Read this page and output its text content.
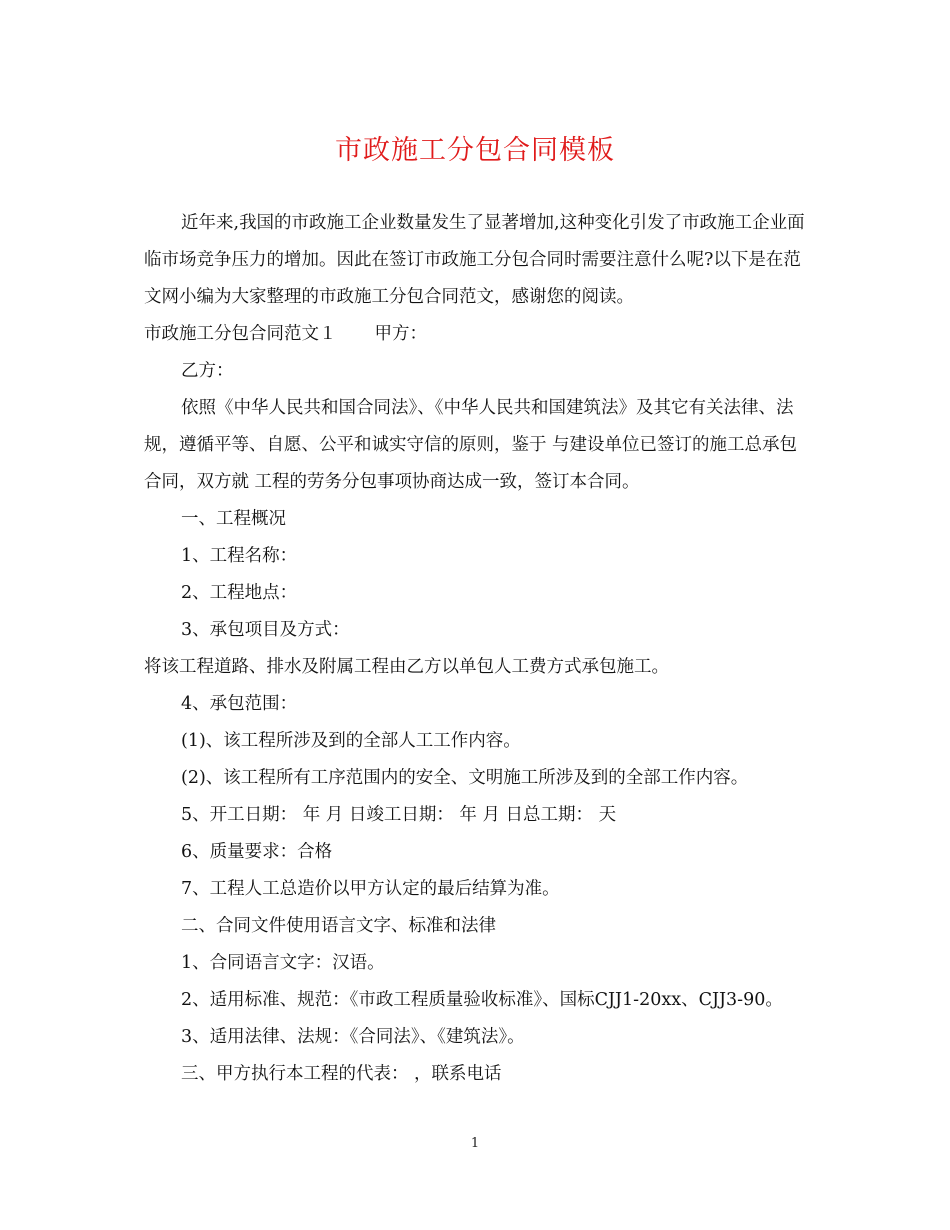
市政施工分包合同模板

近年来,我国的市政施工企业数量发生了显著增加,这种变化引发了市政施工企业面临市场竞争压力的增加。因此在签订市政施工分包合同时需要注意什么呢?以下是在范文网小编为大家整理的市政施工分包合同范文，感谢您的阅读。

市政施工分包合同范文１ 甲方：

乙方：

依照《中华人民共和国合同法》、《中华人民共和国建筑法》及其它有关法律、法规，遵循平等、自愿、公平和诚实守信的原则，鉴于 与建设单位已签订的施工总承包合同，双方就 工程的劳务分包事项协商达成一致，签订本合同。

一、工程概况

1、工程名称：

2、工程地点：

3、承包项目及方式：

将该工程道路、排水及附属工程由乙方以单包人工费方式承包施工。

4、承包范围：

(1)、该工程所涉及到的全部人工工作内容。

(2)、该工程所有工序范围内的安全、文明施工所涉及到的全部工作内容。

5、开工日期： 年 月 日竣工日期： 年 月 日总工期： 天

6、质量要求：合格

7、工程人工总造价以甲方认定的最后结算为准。

二、合同文件使用语言文字、标准和法律

1、合同语言文字：汉语。

2、适用标准、规范：《市政工程质量验收标准》、国标CJJ1-20xx、CJJ3-90。

3、适用法律、法规：《合同法》、《建筑法》。

三、甲方执行本工程的代表： ，联系电话

1
